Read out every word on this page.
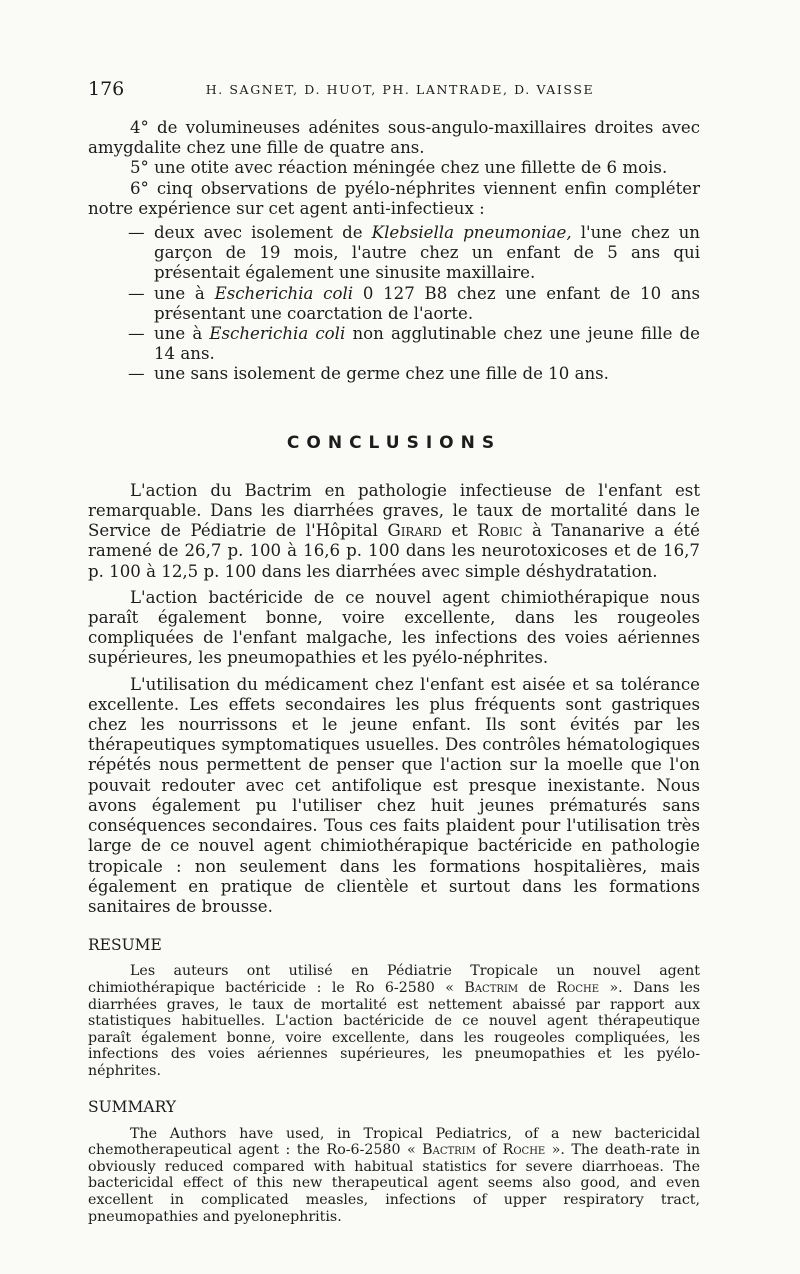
176	H. SAGNET, D. HUOT, PH. LANTRADE, D. VAISSE

4° de volumineuses adénites sous-angulo-maxillaires droites avec amygdalite chez une fille de quatre ans.

5° une otite avec réaction méningée chez une fillette de 6 mois.

6° cinq observations de pyélo-néphrites viennent enfin compléter notre expérience sur cet agent anti-infectieux :

— deux avec isolement de Klebsiella pneumoniae, l'une chez un garçon de 19 mois, l'autre chez un enfant de 5 ans qui présentait également une sinusite maxillaire.
— une à Escherichia coli 0 127 B8 chez une enfant de 10 ans présentant une coarctation de l'aorte.
— une à Escherichia coli non agglutinable chez une jeune fille de 14 ans.
— une sans isolement de germe chez une fille de 10 ans.
CONCLUSIONS

L'action du Bactrim en pathologie infectieuse de l'enfant est remarquable. Dans les diarrhées graves, le taux de mortalité dans le Service de Pédiatrie de l'Hôpital Girard et Robic à Tananarive a été ramené de 26,7 p. 100 à 16,6 p. 100 dans les neurotoxicoses et de 16,7 p. 100 à 12,5 p. 100 dans les diarrhées avec simple déshydratation.

L'action bactéricide de ce nouvel agent chimiothérapique nous paraît également bonne, voire excellente, dans les rougeoles compliquées de l'enfant malgache, les infections des voies aériennes supérieures, les pneumopathies et les pyélo-néphrites.

L'utilisation du médicament chez l'enfant est aisée et sa tolérance excellente. Les effets secondaires les plus fréquents sont gastriques chez les nourrissons et le jeune enfant. Ils sont évités par les thérapeutiques symptomatiques usuelles. Des contrôles hématologiques répétés nous permettent de penser que l'action sur la moelle que l'on pouvait redouter avec cet antifolique est presque inexistante. Nous avons également pu l'utiliser chez huit jeunes prématurés sans conséquences secondaires. Tous ces faits plaident pour l'utilisation très large de ce nouvel agent chimiothérapique bactéricide en pathologie tropicale : non seulement dans les formations hospitalières, mais également en pratique de clientèle et surtout dans les formations sanitaires de brousse.

RESUME

Les auteurs ont utilisé en Pédiatrie Tropicale un nouvel agent chimiothérapique bactéricide : le Ro 6-2580 « Bactrim de Roche ». Dans les diarrhées graves, le taux de mortalité est nettement abaissé par rapport aux statistiques habituelles. L'action bactéricide de ce nouvel agent thérapeutique paraît également bonne, voire excellente, dans les rougeoles compliquées, les infections des voies aériennes supérieures, les pneumopathies et les pyélo-néphrites.

SUMMARY

The Authors have used, in Tropical Pediatrics, of a new bactericidal chemotherapeutical agent : the Ro-6-2580 « Bactrim of Roche ». The death-rate in obviously reduced compared with habitual statistics for severe diarrhoeas. The bactericidal effect of this new therapeutical agent seems also good, and even excellent in complicated measles, infections of upper respiratory tract, pneumopathies and pyelonephritis.
